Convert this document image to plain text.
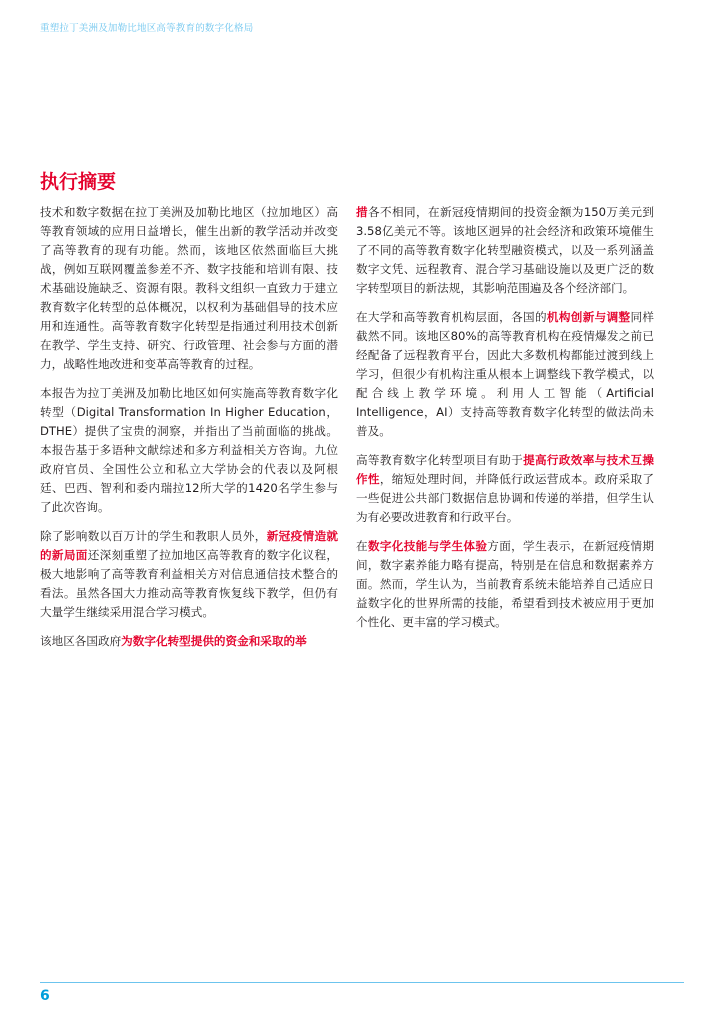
重塑拉丁美洲及加勒比地区高等教育的数字化格局
执行摘要

技术和数字数据在拉丁美洲及加勒比地区（拉加地区）高等教育领域的应用日益增长，催生出新的教学活动并改变了高等教育的现有功能。然而，该地区依然面临巨大挑战，例如互联网覆盖参差不齐、数字技能和培训有限、技术基础设施缺乏、资源有限。教科文组织一直致力于建立教育数字化转型的总体概况，以权利为基础倡导的技术应用和连通性。高等教育数字化转型是指通过利用技术创新在教学、学生支持、研究、行政管理、社会参与方面的潜力，战略性地改进和变革高等教育的过程。

本报告为拉丁美洲及加勒比地区如何实施高等教育数字化转型（Digital Transformation In Higher Education，DTHE）提供了宝贵的洞察，并指出了当前面临的挑战。本报告基于多语种文献综述和多方利益相关方咨询。九位政府官员、全国性公立和私立大学协会的代表以及阿根廷、巴西、智利和委内瑞拉12所大学的1420名学生参与了此次咨询。

除了影响数以百万计的学生和教职人员外，新冠疫情造就的新局面还深刻重塑了拉加地区高等教育的数字化议程，极大地影响了高等教育利益相关方对信息通信技术整合的看法。虽然各国大力推动高等教育恢复线下教学，但仍有大量学生继续采用混合学习模式。

该地区各国政府为数字化转型提供的资金和采取的举

措各不相同，在新冠疫情期间的投资金额为150万美元到3.58亿美元不等。该地区迥异的社会经济和政策环境催生了不同的高等教育数字化转型融资模式，以及一系列涵盖数字文凭、远程教育、混合学习基础设施以及更广泛的数字转型项目的新法规，其影响范围遍及各个经济部门。

在大学和高等教育机构层面，各国的机构创新与调整同样截然不同。该地区80%的高等教育机构在疫情爆发之前已经配备了远程教育平台，因此大多数机构都能过渡到线上学习，但很少有机构注重从根本上调整线下教学模式，以配合线上教学环境。利用人工智能（Artificial Intelligence，AI）支持高等教育数字化转型的做法尚未普及。

高等教育数字化转型项目有助于提高行政效率与技术互操作性，缩短处理时间，并降低行政运营成本。政府采取了一些促进公共部门数据信息协调和传递的举措，但学生认为有必要改进教育和行政平台。

在数字化技能与学生体验方面，学生表示，在新冠疫情期间，数字素养能力略有提高，特别是在信息和数据素养方面。然而，学生认为，当前教育系统未能培养自己适应日益数字化的世界所需的技能，希望看到技术被应用于更加个性化、更丰富的学习模式。

6
